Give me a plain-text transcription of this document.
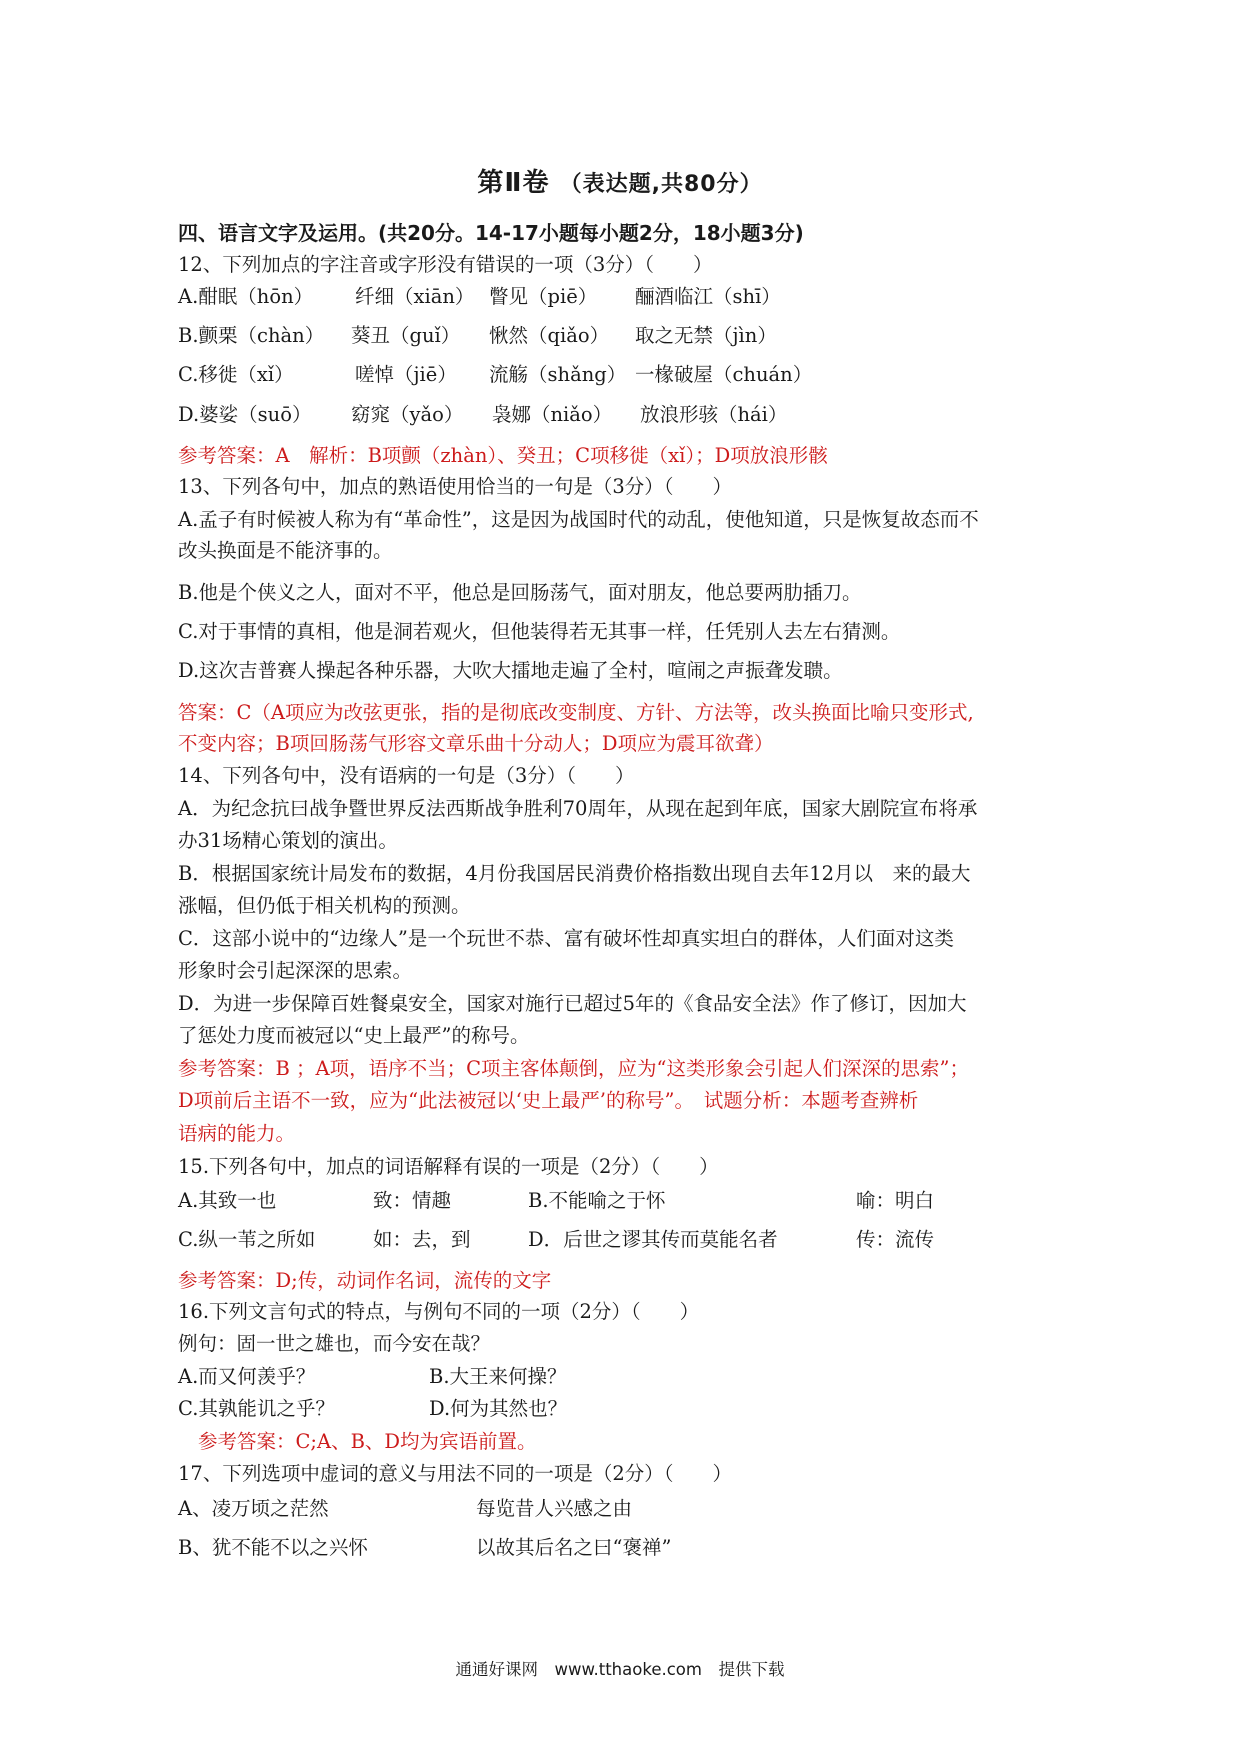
第Ⅱ卷 （表达题,共80分）
四、语言文字及运用。(共20分。14-17小题每小题2分，18小题3分)
12、下列加点的字注音或字形没有错误的一项（3分）（　　）
A.酣眠（hōn） 纤细（xiān） 瞥见（piē） 酾酒临江（shī）
B.颤栗（chàn） 葵丑（guǐ） 愀然（qiǎo） 取之无禁（jìn）
C.移徙（xǐ）	嗟悼（jiē） 流觞（shǎng） 一椽破屋（chuán）
D.婆娑（suō） 窈窕（yǎo） 袅娜（niǎo） 放浪形骇（hái）
参考答案：A　解析：B项颤（zhàn）、癸丑；C项移徙（xǐ）；D项放浪形骸
13、下列各句中，加点的熟语使用恰当的一句是（3分）（　　）
A.孟子有时候被人称为有“革命性”，这是因为战国时代的动乱，使他知道，只是恢复故态而不
改头换面是不能济事的。
B.他是个侠义之人，面对不平，他总是回肠荡气，面对朋友，他总要两肋插刀。
C.对于事情的真相，他是洞若观火，但他装得若无其事一样，任凭别人去左右猜测。
D.这次吉普赛人操起各种乐器，大吹大擂地走遍了全村，喧闹之声振聋发聩。
答案：C（A项应为改弦更张，指的是彻底改变制度、方针、方法等，改头换面比喻只变形式,
不变内容；B项回肠荡气形容文章乐曲十分动人；D项应为震耳欲聋）
14、下列各句中，没有语病的一句是（3分）（　　）
A．为纪念抗曰战争暨世界反法西斯战争胜利70周年，从现在起到年底，国家大剧院宣布将承
办31场精心策划的演出。
B．根据国家统计局发布的数据，4月份我国居民消费价格指数出现自去年12月以　来的最大
涨幅，但仍低于相关机构的预测。
C．这部小说中的“边缘人”是一个玩世不恭、富有破坏性却真实坦白的群体，人们面对这类
形象时会引起深深的思索。
D．为进一步保障百姓餐桌安全，国家对施行已超过5年的《食品安全法》作了修订，因加大
了惩处力度而被冠以“史上最严”的称号。
参考答案：B ；A项，语序不当；C项主客体颠倒，应为“这类形象会引起人们深深的思索”；
D项前后主语不一致，应为“此法被冠以‘史上最严’的称号”。　试题分析：本题考查辨析
语病的能力。
15.下列各句中，加点的词语解释有误的一项是（2分）（　　）
A.其致一也	致：情趣	B.不能喻之于怀	喻：明白
C.纵一苇之所如	如：去，到	D．后世之谬其传而莫能名者	传：流传
参考答案：D;传，动词作名词，流传的文字
16.下列文言句式的特点，与例句不同的一项（2分）（　　）
例句：固一世之雄也，而今安在哉？
A.而又何羡乎？	B.大王来何操？
C.其孰能讥之乎？	D.何为其然也？
参考答案：C;A、B、D均为宾语前置。
17、下列选项中虚词的意义与用法不同的一项是（2分）（　　）
A、凌万顷之茫然	每览昔人兴感之由
B、犹不能不以之兴怀	以故其后名之曰“褒禅”
通通好课网　www.tthaoke.com　提供下载
